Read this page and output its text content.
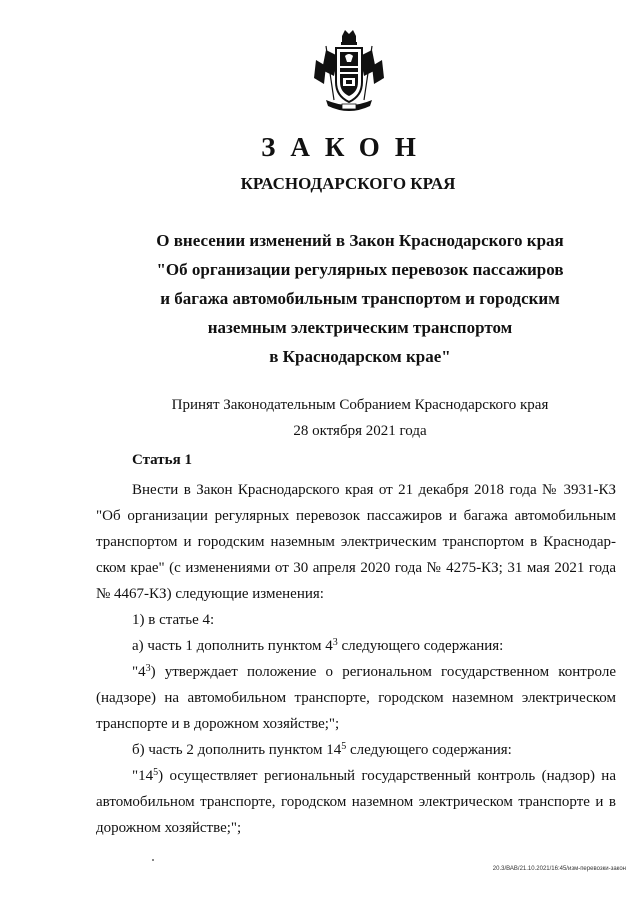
ЗАКОН
КРАСНОДАРСКОГО КРАЯ
О внесении изменений в Закон Краснодарского края
"Об организации регулярных перевозок пассажиров
и багажа автомобильным транспортом и городским
наземным электрическим транспортом
в Краснодарском крае"
Принят Законодательным Собранием Краснодарского края
28 октября 2021 года
Статья 1

Внести в Закон Краснодарского края от 21 декабря 2018 года № 3931-КЗ
"Об организации регулярных перевозок пассажиров и багажа автомобильным
транспортом и городским наземным электрическим транспортом в Краснодар-
ском крае" (с изменениями от 30 апреля 2020 года № 4275-КЗ; 31 мая 2021 года
№ 4467-КЗ) следующие изменения:

1) в статье 4:

а) часть 1 дополнить пунктом $4^3$ следующего содержания:

"$4^3$) утверждает положение о региональном государственном контроле
(надзоре) на автомобильном транспорте, городском наземном электрическом
транспорте и в дорожном хозяйстве;";

б) часть 2 дополнить пунктом $14^5$ следующего содержания:

"$14^5$) осуществляет региональный государственный контроль (надзор) на
автомобильном транспорте, городском наземном электрическом транспорте и в
дорожном хозяйстве;";

20.3/ВАВ/21.10.2021/16:45/изм-перевозки-закон
